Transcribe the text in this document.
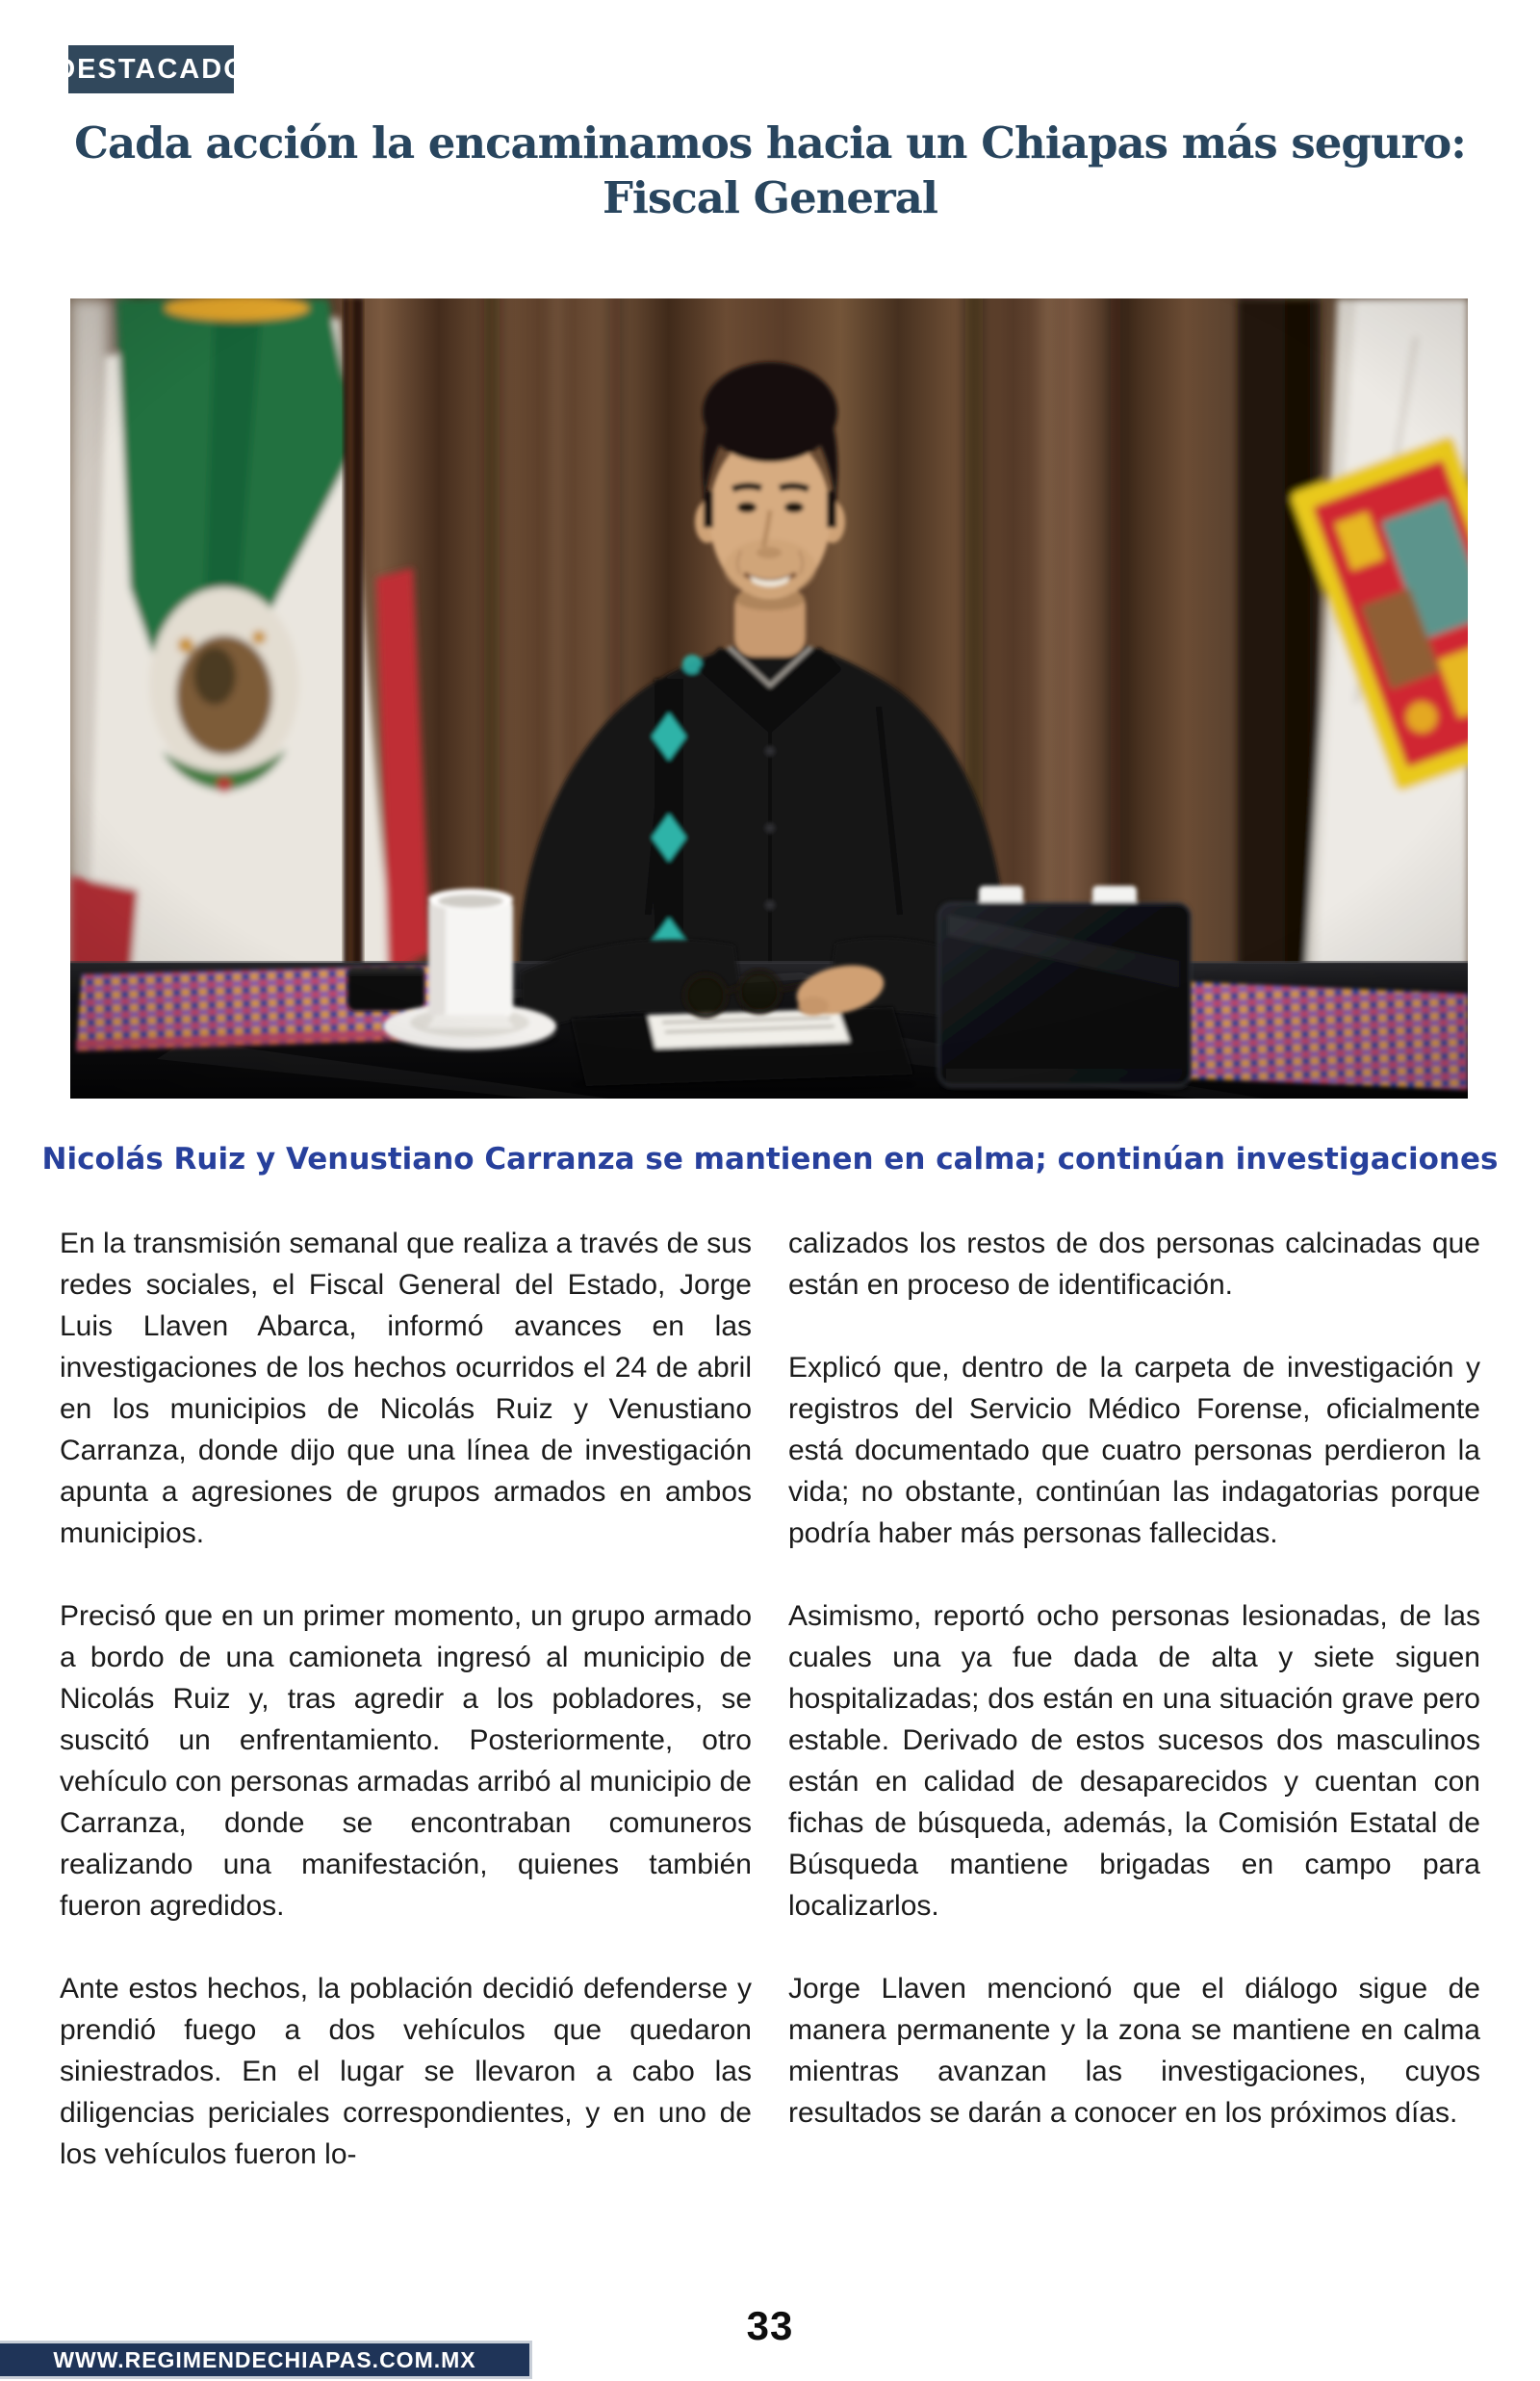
DESTACADO
Cada acción la encaminamos hacia un Chiapas más seguro: Fiscal General
Nicolás Ruiz y Venustiano Carranza se mantienen en calma; continúan investigaciones

En la transmisión semanal que realiza a través de sus redes sociales, el Fiscal General del Estado, Jorge Luis Llaven Abarca, informó avances en las investigaciones de los hechos ocurridos el 24 de abril en los municipios de Nicolás Ruiz y Venustiano Carranza, donde dijo que una línea de investigación apunta a agresiones de grupos armados en ambos municipios.

Precisó que en un primer momento, un grupo armado a bordo de una camioneta ingresó al municipio de Nicolás Ruiz y, tras agredir a los pobladores, se suscitó un enfrentamiento. Posteriormente, otro vehículo con personas armadas arribó al municipio de Carranza, donde se encontraban comuneros realizando una manifestación, quienes también fueron agredidos.

Ante estos hechos, la población decidió defenderse y prendió fuego a dos vehículos que quedaron siniestrados. En el lugar se llevaron a cabo las diligencias periciales correspondientes, y en uno de los vehículos fueron lo-

calizados los restos de dos personas calcinadas que están en proceso de identificación.

Explicó que, dentro de la carpeta de investigación y registros del Servicio Médico Forense, oficialmente está documentado que cuatro personas perdieron la vida; no obstante, continúan las indagatorias porque podría haber más personas fallecidas.

Asimismo, reportó ocho personas lesionadas, de las cuales una ya fue dada de alta y siete siguen hospitalizadas; dos están en una situación grave pero estable. Derivado de estos sucesos dos masculinos están en calidad de desaparecidos y cuentan con fichas de búsqueda, además, la Comisión Estatal de Búsqueda mantiene brigadas en campo para localizarlos.

Jorge Llaven mencionó que el diálogo sigue de manera permanente y la zona se mantiene en calma mientras avanzan las investigaciones, cuyos resultados se darán a conocer en los próximos días.

33
WWW.REGIMENDECHIAPAS.COM.MX
